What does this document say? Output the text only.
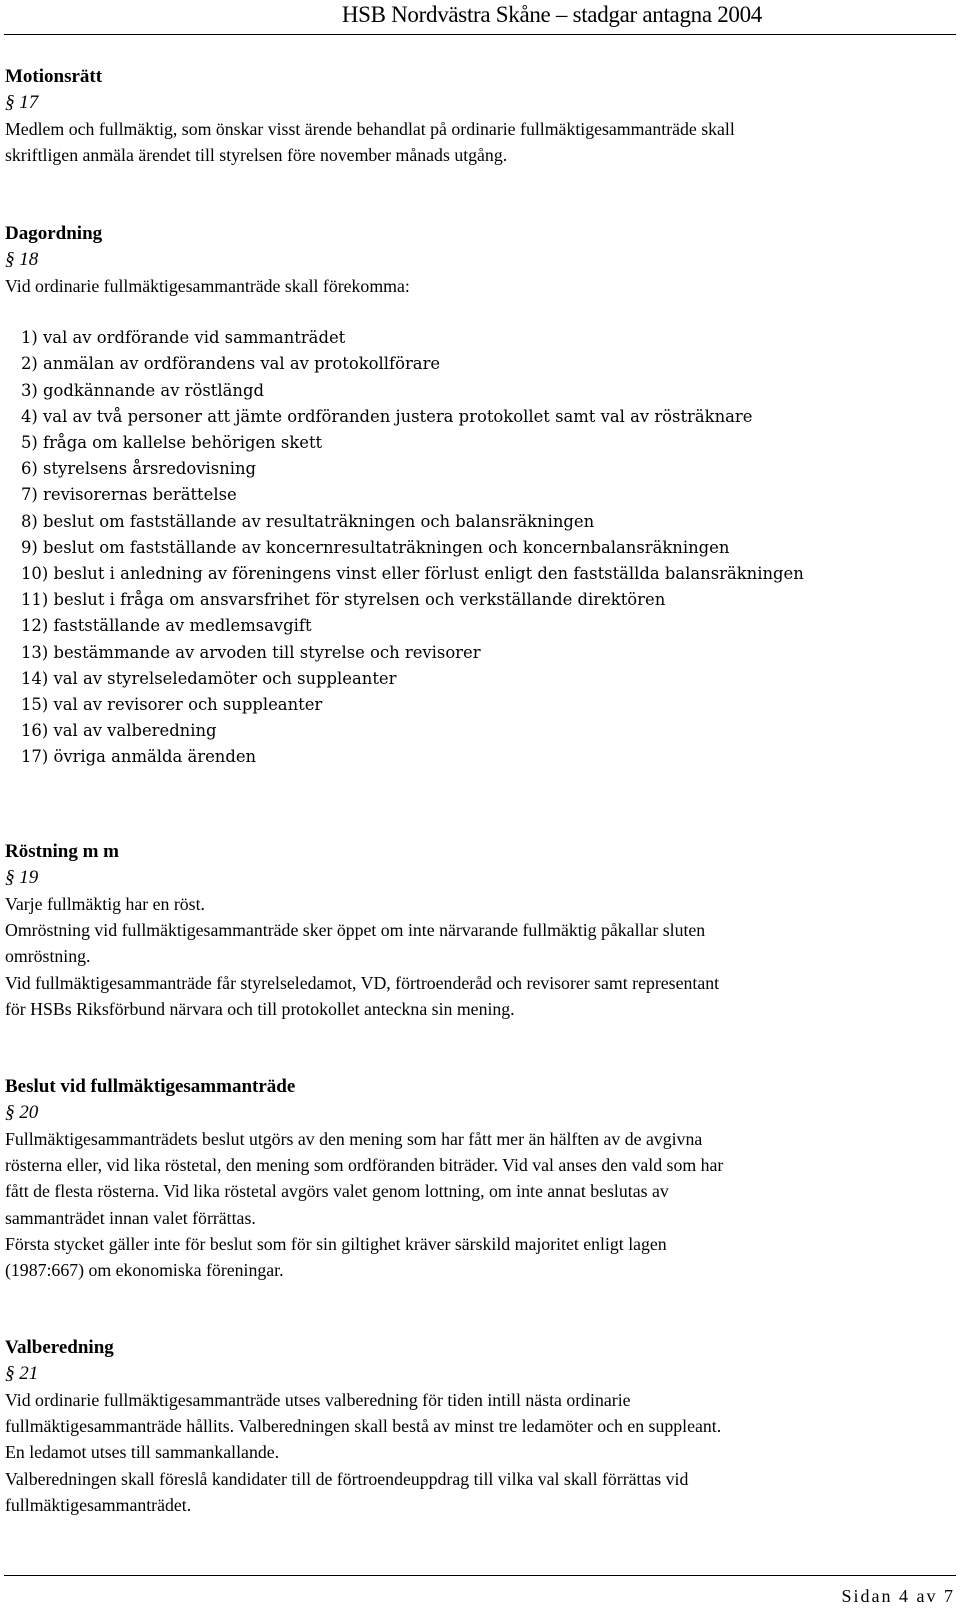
HSB Nordvästra Skåne – stadgar antagna 2004
Motionsrätt
§ 17
Medlem och fullmäktig, som önskar visst ärende behandlat på ordinarie fullmäktigesammanträde skall
skriftligen anmäla ärendet till styrelsen före november månads utgång.
Dagordning
§ 18
Vid ordinarie fullmäktigesammanträde skall förekomma:
1) val av ordförande vid sammanträdet
2) anmälan av ordförandens val av protokollförare
3) godkännande av röstlängd
4) val av två personer att jämte ordföranden justera protokollet samt val av rösträknare
5) fråga om kallelse behörigen skett
6) styrelsens årsredovisning
7) revisorernas berättelse
8) beslut om fastställande av resultaträkningen och balansräkningen
9) beslut om fastställande av koncernresultaträkningen och koncernbalansräkningen
10) beslut i anledning av föreningens vinst eller förlust enligt den fastställda balansräkningen
11) beslut i fråga om ansvarsfrihet för styrelsen och verkställande direktören
12) fastställande av medlemsavgift
13) bestämmande av arvoden till styrelse och revisorer
14) val av styrelseledamöter och suppleanter
15) val av revisorer och suppleanter
16) val av valberedning
17) övriga anmälda ärenden
Röstning m m
§ 19
Varje fullmäktig har en röst.
Omröstning vid fullmäktigesammanträde sker öppet om inte närvarande fullmäktig påkallar sluten
omröstning.
Vid fullmäktigesammanträde får styrelseledamot, VD, förtroenderåd och revisorer samt representant
för HSBs Riksförbund närvara och till protokollet anteckna sin mening.
Beslut vid fullmäktigesammanträde
§ 20
Fullmäktigesammanträdets beslut utgörs av den mening som har fått mer än hälften av de avgivna
rösterna eller, vid lika röstetal, den mening som ordföranden biträder. Vid val anses den vald som har
fått de flesta rösterna. Vid lika röstetal avgörs valet genom lottning, om inte annat beslutas av
sammanträdet innan valet förrättas.
Första stycket gäller inte för beslut som för sin giltighet kräver särskild majoritet enligt lagen
(1987:667) om ekonomiska föreningar.
Valberedning
§ 21
Vid ordinarie fullmäktigesammanträde utses valberedning för tiden intill nästa ordinarie
fullmäktigesammanträde hållits. Valberedningen skall bestå av minst tre ledamöter och en suppleant.
En ledamot utses till sammankallande.
Valberedningen skall föreslå kandidater till de förtroendeuppdrag till vilka val skall förrättas vid
fullmäktigesammanträdet.
Sidan 4 av 7
